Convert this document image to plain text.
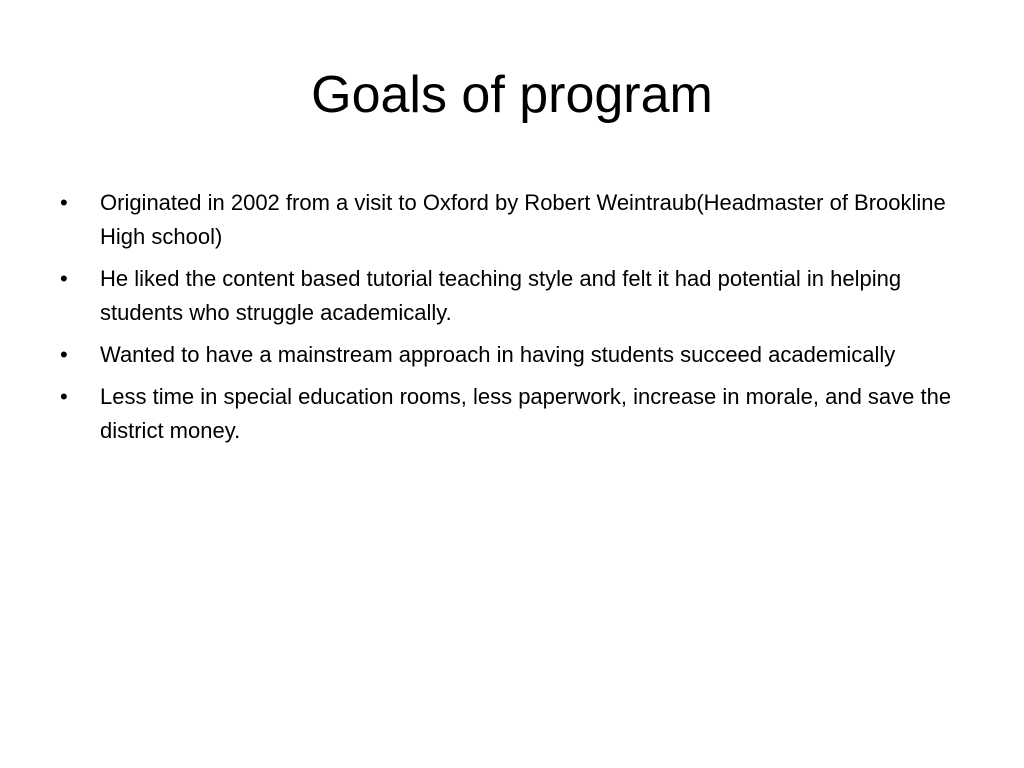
Goals of program
•	Originated in 2002 from a visit to Oxford by Robert Weintraub(Headmaster of Brookline High school)
•	He liked the content based tutorial teaching style and felt it had potential in helping students who struggle academically.
•	Wanted to have a mainstream approach in having students succeed academically
•	Less time in special education rooms, less paperwork, increase in morale, and save the district money.
